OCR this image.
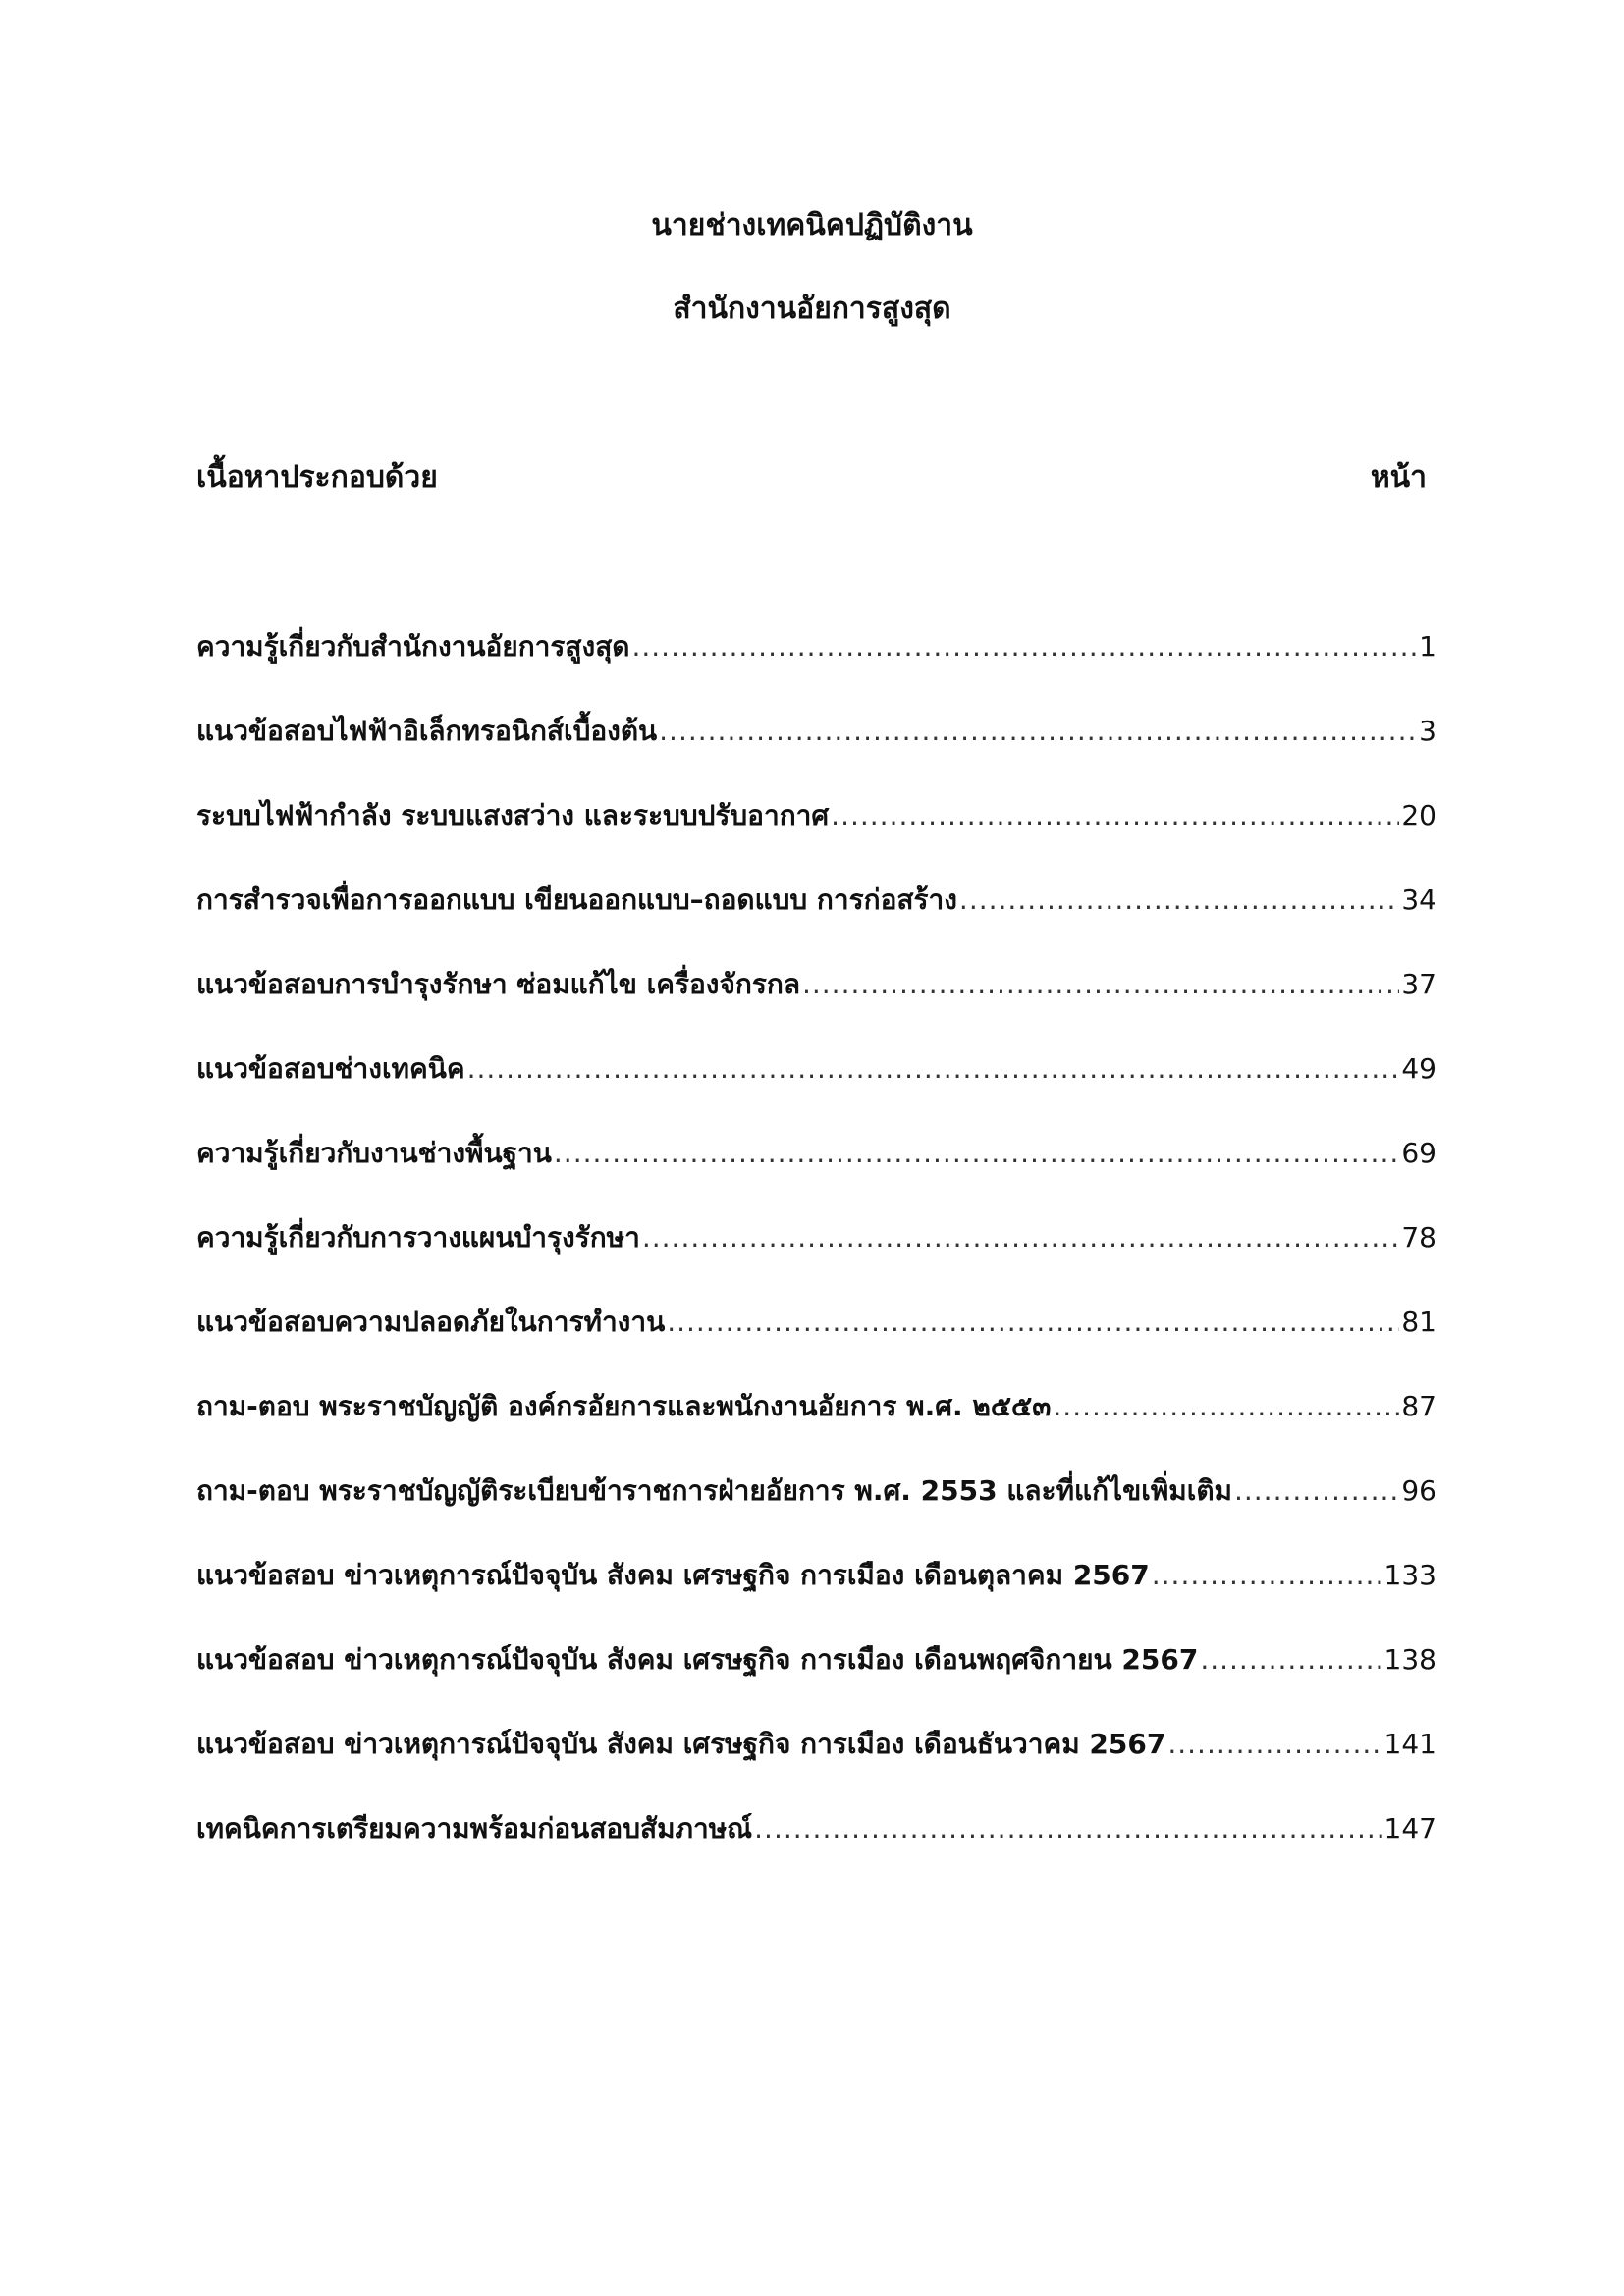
นายช่างเทคนิคปฏิบัติงาน
สำนักงานอัยการสูงสุด
เนื้อหาประกอบด้วย	หน้า
ความรู้เกี่ยวกับสำนักงานอัยการสูงสุด .....	1
แนวข้อสอบไฟฟ้าอิเล็กทรอนิกส์เบื้องต้น .....	3
ระบบไฟฟ้ากำลัง ระบบแสงสว่าง และระบบปรับอากาศ .....	20
การสำรวจเพื่อการออกแบบ เขียนออกแบบ–ถอดแบบ การก่อสร้าง .....	34
แนวข้อสอบการบำรุงรักษา ซ่อมแก้ไข เครื่องจักรกล .....	37
แนวข้อสอบช่างเทคนิค .....	49
ความรู้เกี่ยวกับงานช่างพื้นฐาน .....	69
ความรู้เกี่ยวกับการวางแผนบำรุงรักษา .....	78
แนวข้อสอบความปลอดภัยในการทำงาน .....	81
ถาม-ตอบ พระราชบัญญัติ องค์กรอัยการและพนักงานอัยการ พ.ศ. ๒๕๕๓ .....	87
ถาม-ตอบ พระราชบัญญัติระเบียบข้าราชการฝ่ายอัยการ พ.ศ. 2553 และที่แก้ไขเพิ่มเติม .....	96
แนวข้อสอบ ข่าวเหตุการณ์ปัจจุบัน สังคม เศรษฐกิจ การเมือง เดือนตุลาคม 2567 .....	133
แนวข้อสอบ ข่าวเหตุการณ์ปัจจุบัน สังคม เศรษฐกิจ การเมือง เดือนพฤศจิกายน 2567 .....	138
แนวข้อสอบ ข่าวเหตุการณ์ปัจจุบัน สังคม เศรษฐกิจ การเมือง เดือนธันวาคม 2567 .....	141
เทคนิคการเตรียมความพร้อมก่อนสอบสัมภาษณ์ .....	147
